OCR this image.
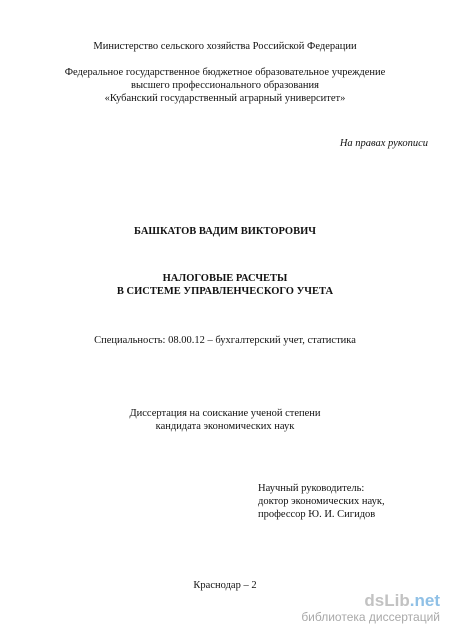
Министерство сельского хозяйства Российской Федерации
Федеральное государственное бюджетное образовательное учреждение
высшего профессионального образования
«Кубанский государственный аграрный университет»
На правах рукописи
БАШКАТОВ ВАДИМ ВИКТОРОВИЧ
НАЛОГОВЫЕ РАСЧЕТЫ
В СИСТЕМЕ УПРАВЛЕНЧЕСКОГО УЧЕТА
Специальность: 08.00.12 – бухгалтерский учет, статистика
Диссертация на соискание ученой степени
кандидата экономических наук
Научный руководитель:
доктор экономических наук,
профессор Ю. И. Сигидов
Краснодар – 2
dsLib.net
библиотека диссертаций
